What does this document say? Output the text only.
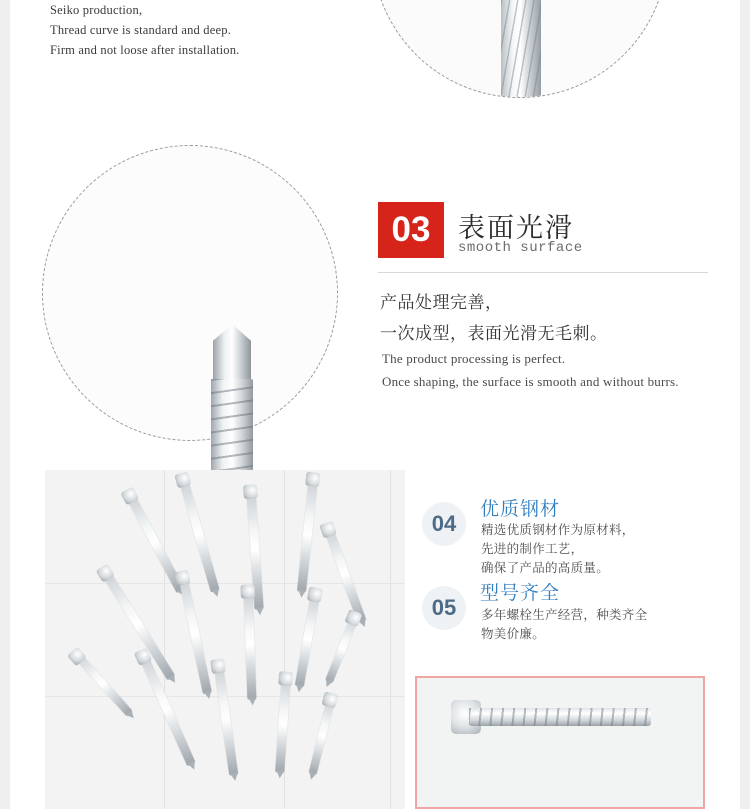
Seiko production,
Thread curve is standard and deep.
Firm and not loose after installation.
03	表面光滑
smooth surface
产品处理完善，
一次成型，表面光滑无毛刺。
The product processing is perfect.
Once shaping, the surface is smooth and without burrs.
04
优质钢材
精选优质钢材作为原材料，
先进的制作工艺，
确保了产品的高质量。
05
型号齐全
多年螺栓生产经营，种类齐全
物美价廉。
